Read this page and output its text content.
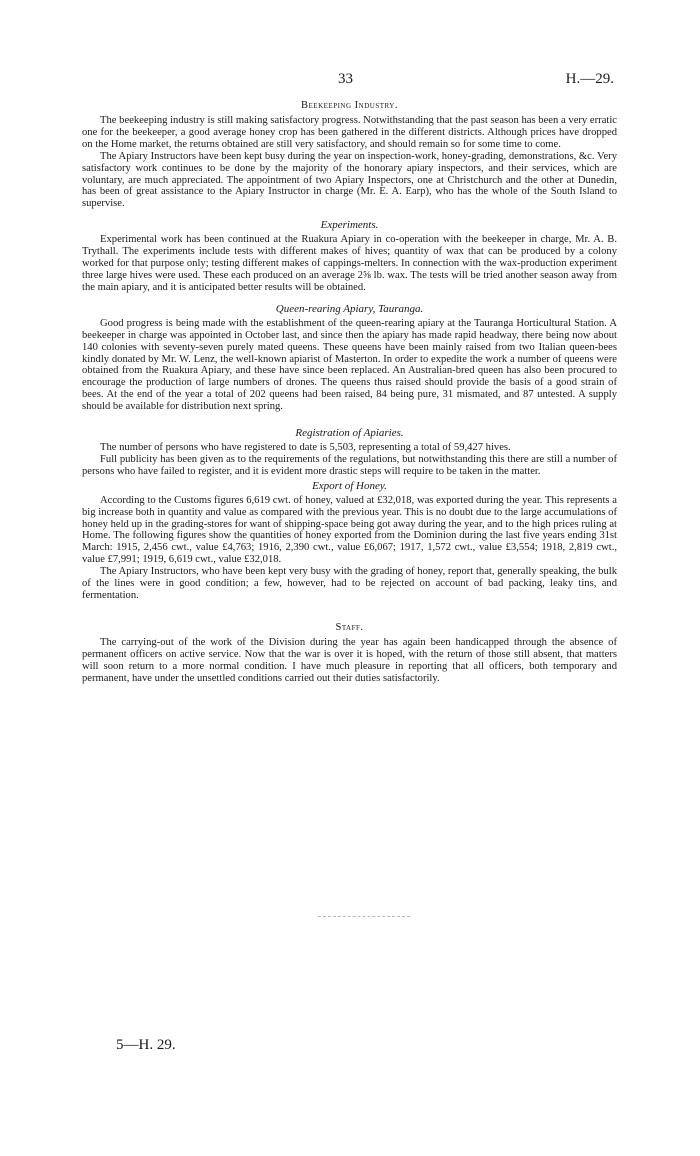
33	H.—29.
Beekeeping Industry.

The beekeeping industry is still making satisfactory progress. Notwithstanding that the past season has been a very erratic one for the beekeeper, a good average honey crop has been gathered in the different districts. Although prices have dropped on the Home market, the returns obtained are still very satisfactory, and should remain so for some time to come.

The Apiary Instructors have been kept busy during the year on inspection-work, honey-grading, demonstrations, &c. Very satisfactory work continues to be done by the majority of the honorary apiary inspectors, and their services, which are voluntary, are much appreciated. The appointment of two Apiary Inspectors, one at Christchurch and the other at Dunedin, has been of great assistance to the Apiary Instructor in charge (Mr. E. A. Earp), who has the whole of the South Island to supervise.

Experiments.

Experimental work has been continued at the Ruakura Apiary in co-operation with the beekeeper in charge, Mr. A. B. Trythall. The experiments include tests with different makes of hives; quantity of wax that can be produced by a colony worked for that purpose only; testing different makes of cappings-melters. In connection with the wax-production experiment three large hives were used. These each produced on an average 2⅝ lb. wax. The tests will be tried another season away from the main apiary, and it is anticipated better results will be obtained.

Queen-rearing Apiary, Tauranga.

Good progress is being made with the establishment of the queen-rearing apiary at the Tauranga Horticultural Station. A beekeeper in charge was appointed in October last, and since then the apiary has made rapid headway, there being now about 140 colonies with seventy-seven purely mated queens. These queens have been mainly raised from two Italian queen-bees kindly donated by Mr. W. Lenz, the well-known apiarist of Masterton. In order to expedite the work a number of queens were obtained from the Ruakura Apiary, and these have since been replaced. An Australian-bred queen has also been procured to encourage the production of large numbers of drones. The queens thus raised should provide the basis of a good strain of bees. At the end of the year a total of 202 queens had been raised, 84 being pure, 31 mismated, and 87 untested. A supply should be available for distribution next spring.

Registration of Apiaries.

The number of persons who have registered to date is 5,503, representing a total of 59,427 hives.

Full publicity has been given as to the requirements of the regulations, but notwithstanding this there are still a number of persons who have failed to register, and it is evident more drastic steps will require to be taken in the matter.

Export of Honey.

According to the Customs figures 6,619 cwt. of honey, valued at £32,018, was exported during the year. This represents a big increase both in quantity and value as compared with the previous year. This is no doubt due to the large accumulations of honey held up in the grading-stores for want of shipping-space being got away during the year, and to the high prices ruling at Home. The following figures show the quantities of honey exported from the Dominion during the last five years ending 31st March: 1915, 2,456 cwt., value £4,763; 1916, 2,390 cwt., value £6,067; 1917, 1,572 cwt., value £3,554; 1918, 2,819 cwt., value £7,991; 1919, 6,619 cwt., value £32,018.

The Apiary Instructors, who have been kept very busy with the grading of honey, report that, generally speaking, the bulk of the lines were in good condition; a few, however, had to be rejected on account of bad packing, leaky tins, and fermentation.

Staff.

The carrying-out of the work of the Division during the year has again been handicapped through the absence of permanent officers on active service. Now that the war is over it is hoped, with the return of those still absent, that matters will soon return to a more normal condition. I have much pleasure in reporting that all officers, both temporary and permanent, have under the unsettled conditions carried out their duties satisfactorily.

5—H. 29.
